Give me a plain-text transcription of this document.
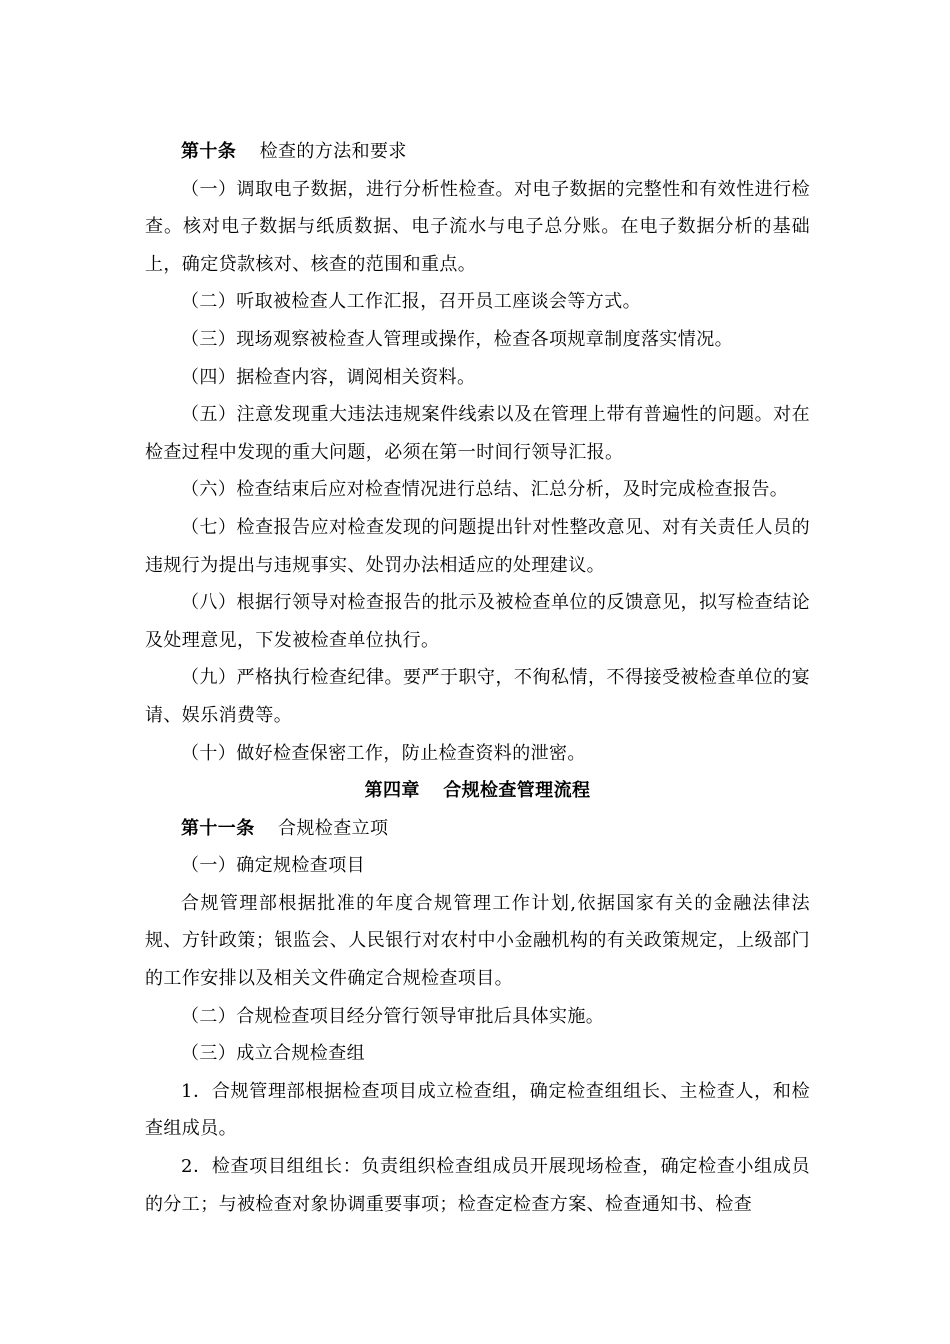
第十条 检查的方法和要求

（一）调取电子数据，进行分析性检查。对电子数据的完整性和有效性进行检查。核对电子数据与纸质数据、电子流水与电子总分账。在电子数据分析的基础上，确定贷款核对、核查的范围和重点。

（二）听取被检查人工作汇报，召开员工座谈会等方式。

（三）现场观察被检查人管理或操作，检查各项规章制度落实情况。

（四）据检查内容，调阅相关资料。

（五）注意发现重大违法违规案件线索以及在管理上带有普遍性的问题。对在检查过程中发现的重大问题，必须在第一时间行领导汇报。

（六）检查结束后应对检查情况进行总结、汇总分析，及时完成检查报告。

（七）检查报告应对检查发现的问题提出针对性整改意见、对有关责任人员的违规行为提出与违规事实、处罚办法相适应的处理建议。

（八）根据行领导对检查报告的批示及被检查单位的反馈意见，拟写检查结论及处理意见，下发被检查单位执行。

（九）严格执行检查纪律。要严于职守，不徇私情，不得接受被检查单位的宴请、娱乐消费等。

（十）做好检查保密工作，防止检查资料的泄密。

第四章 合规检查管理流程

第十一条 合规检查立项

（一）确定规检查项目

合规管理部根据批准的年度合规管理工作计划,依据国家有关的金融法律法规、方针政策；银监会、人民银行对农村中小金融机构的有关政策规定，上级部门的工作安排以及相关文件确定合规检查项目。

（二）合规检查项目经分管行领导审批后具体实施。

（三）成立合规检查组

1．合规管理部根据检查项目成立检查组，确定检查组组长、主检查人，和检查组成员。

2．检查项目组组长：负责组织检查组成员开展现场检查，确定检查小组成员的分工；与被检查对象协调重要事项；检查定检查方案、检查通知书、检查
